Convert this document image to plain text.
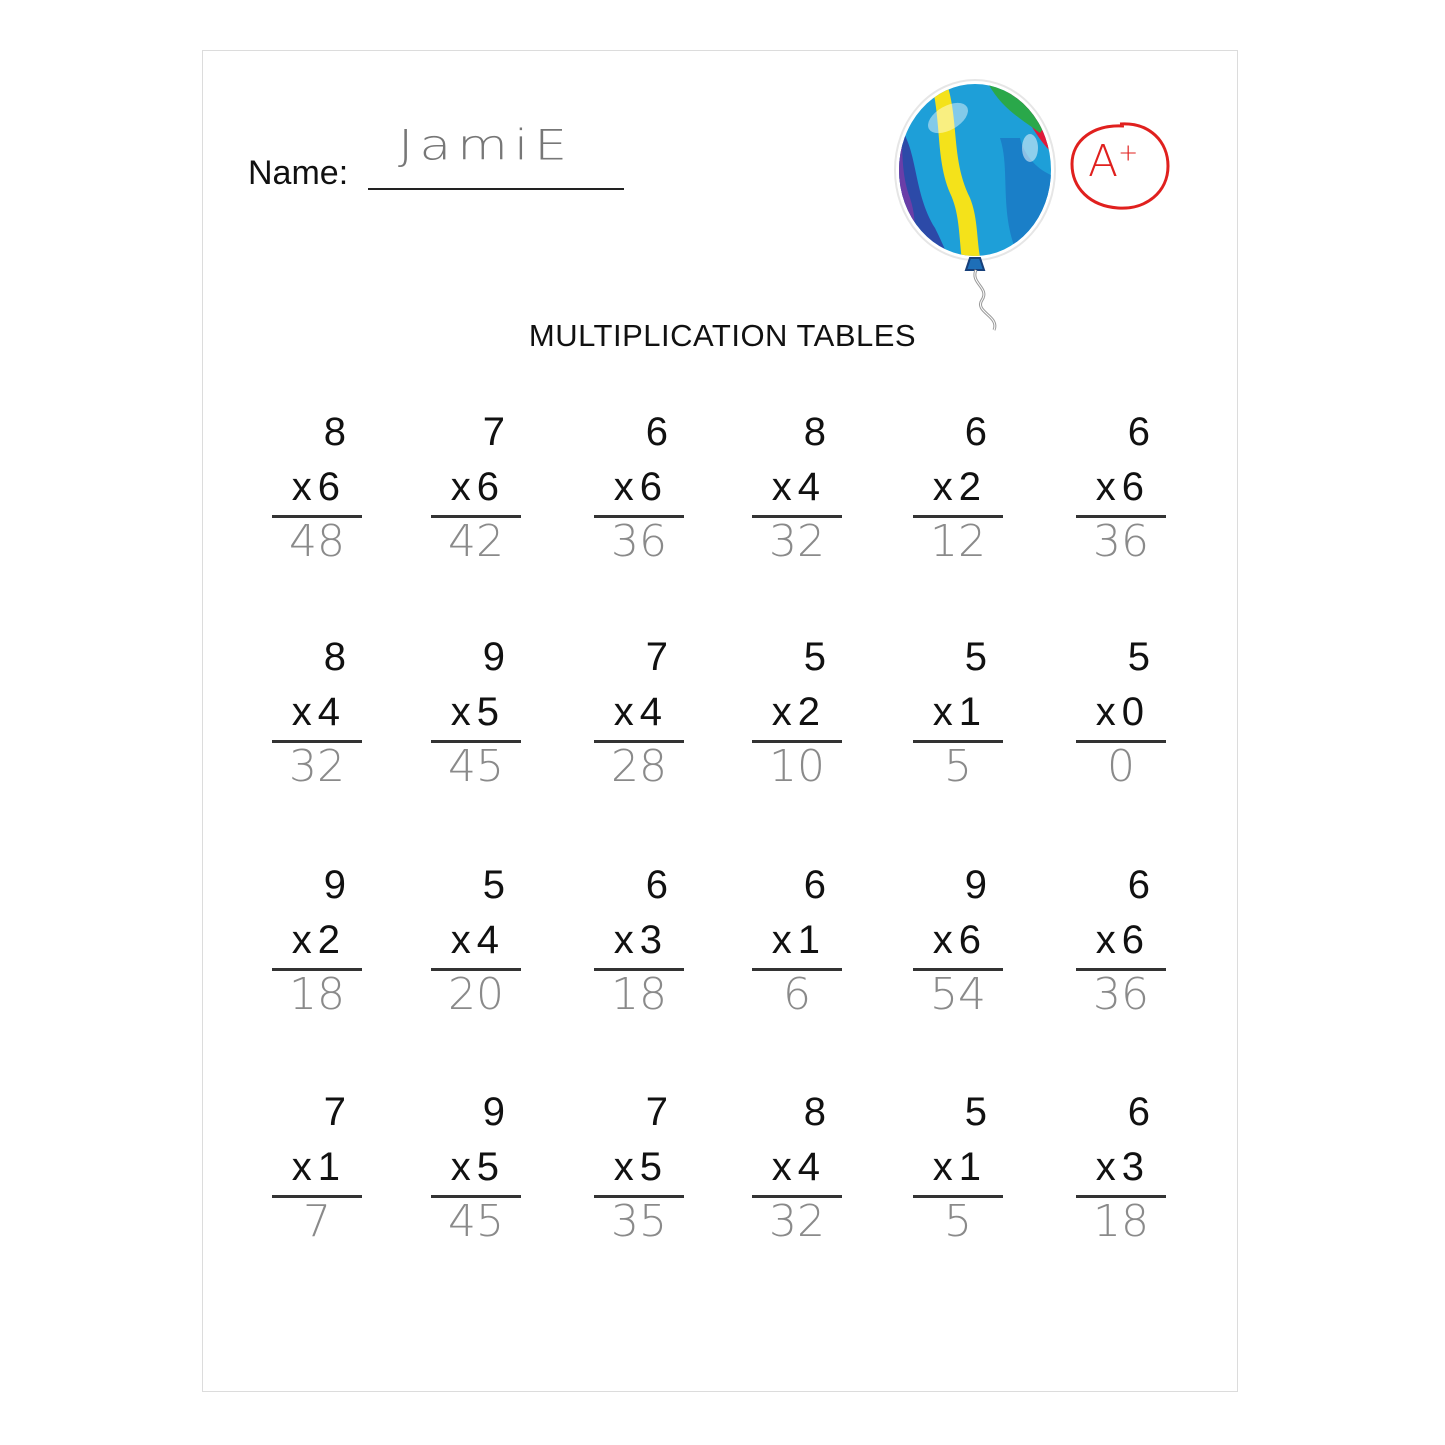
Name:
JamiE	A+
MULTIPLICATION TABLES
8
x6
48
7
x6
42
6
x6
36
8
x4
32
6
x2
12
6
x6
36
8
x4
32
9
x5
45
7
x4
28
5
x2
10
5
x1
5
5
x0
0
9
x2
18
5
x4
20
6
x3
18
6
x1
6
9
x6
54
6
x6
36
7
x1
7
9
x5
45
7
x5
35
8
x4
32
5
x1
5
6
x3
18
